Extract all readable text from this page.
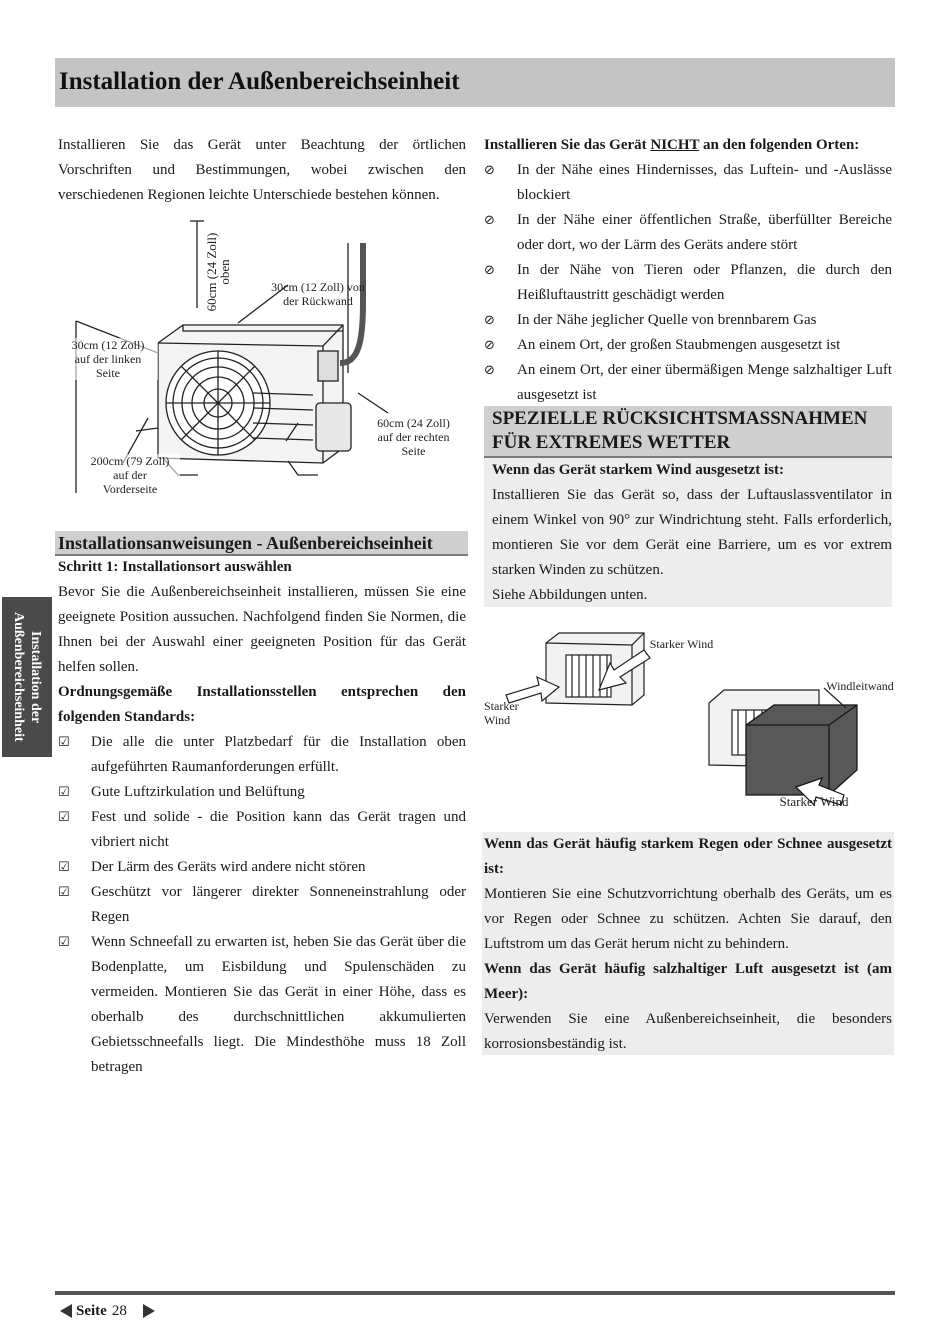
Installation der Außenbereichseinheit
Installation der
Außenbereichseinheit

Installieren Sie das Gerät unter Beachtung der örtlichen Vorschriften und Bestimmungen, wobei zwischen den verschiedenen Regionen leichte Unterschiede bestehen können.

60cm (24 Zoll)
oben
30cm (12 Zoll) von
der Rückwand
30cm (12 Zoll)
auf der linken
Seite
60cm (24 Zoll)
auf der rechten
Seite
200cm (79 Zoll)
auf der
Vorderseite
Installationsanweisungen - Außenbereichseinheit

Schritt 1: Installationsort auswählen

Bevor Sie die Außenbereichseinheit installieren, müssen Sie eine geeignete Position aussuchen. Nachfolgend finden Sie Normen, die Ihnen bei der Auswahl einer geeigneten Position für das Gerät helfen sollen.

Ordnungsgemäße Installationsstellen entsprechen den folgenden Standards:

☑ Die alle die unter Platzbedarf für die Installation oben aufgeführten Raumanforderungen erfüllt.
☑ Gute Luftzirkulation und Belüftung
☑ Fest und solide - die Position kann das Gerät tragen und vibriert nicht
☑ Der Lärm des Geräts wird andere nicht stören
☑ Geschützt vor längerer direkter Sonneneinstrahlung oder Regen
☑ Wenn Schneefall zu erwarten ist, heben Sie das Gerät über die Bodenplatte, um Eisbildung und Spulenschäden zu vermeiden. Montieren Sie das Gerät in einer Höhe, dass es oberhalb des durchschnittlichen akkumulierten Gebietsschneefalls liegt. Die Mindesthöhe muss 18 Zoll betragen

Installieren Sie das Gerät NICHT an den folgenden Orten:

⊘ In der Nähe eines Hindernisses, das Luftein- und -Auslässe blockiert
⊘ In der Nähe einer öffentlichen Straße, überfüllter Bereiche oder dort, wo der Lärm des Geräts andere stört
⊘ In der Nähe von Tieren oder Pflanzen, die durch den Heißluftaustritt geschädigt werden
⊘ In der Nähe jeglicher Quelle von brennbarem Gas
⊘ An einem Ort, der großen Staubmengen ausgesetzt ist
⊘ An einem Ort, der einer übermäßigen Menge salzhaltiger Luft ausgesetzt ist
SPEZIELLE RÜCKSICHTSMASSNAHMEN
FÜR EXTREMES WETTER

Wenn das Gerät starkem Wind ausgesetzt ist:

Installieren Sie das Gerät so, dass der Luftauslassventilator in einem Winkel von 90° zur Windrichtung steht. Falls erforderlich, montieren Sie vor dem Gerät eine Barriere, um es vor extrem starken Winden zu schützen.

Siehe Abbildungen unten.

Starker Wind
Starker
Wind
Windleitwand
Starker Wind

Wenn das Gerät häufig starkem Regen oder Schnee ausgesetzt ist:

Montieren Sie eine Schutzvorrichtung oberhalb des Geräts, um es vor Regen oder Schnee zu schützen. Achten Sie darauf, den Luftstrom um das Gerät herum nicht zu behindern.

Wenn das Gerät häufig salzhaltiger Luft ausgesetzt ist (am Meer):

Verwenden Sie eine Außenbereichseinheit, die besonders korrosionsbeständig ist.

Seite 28
